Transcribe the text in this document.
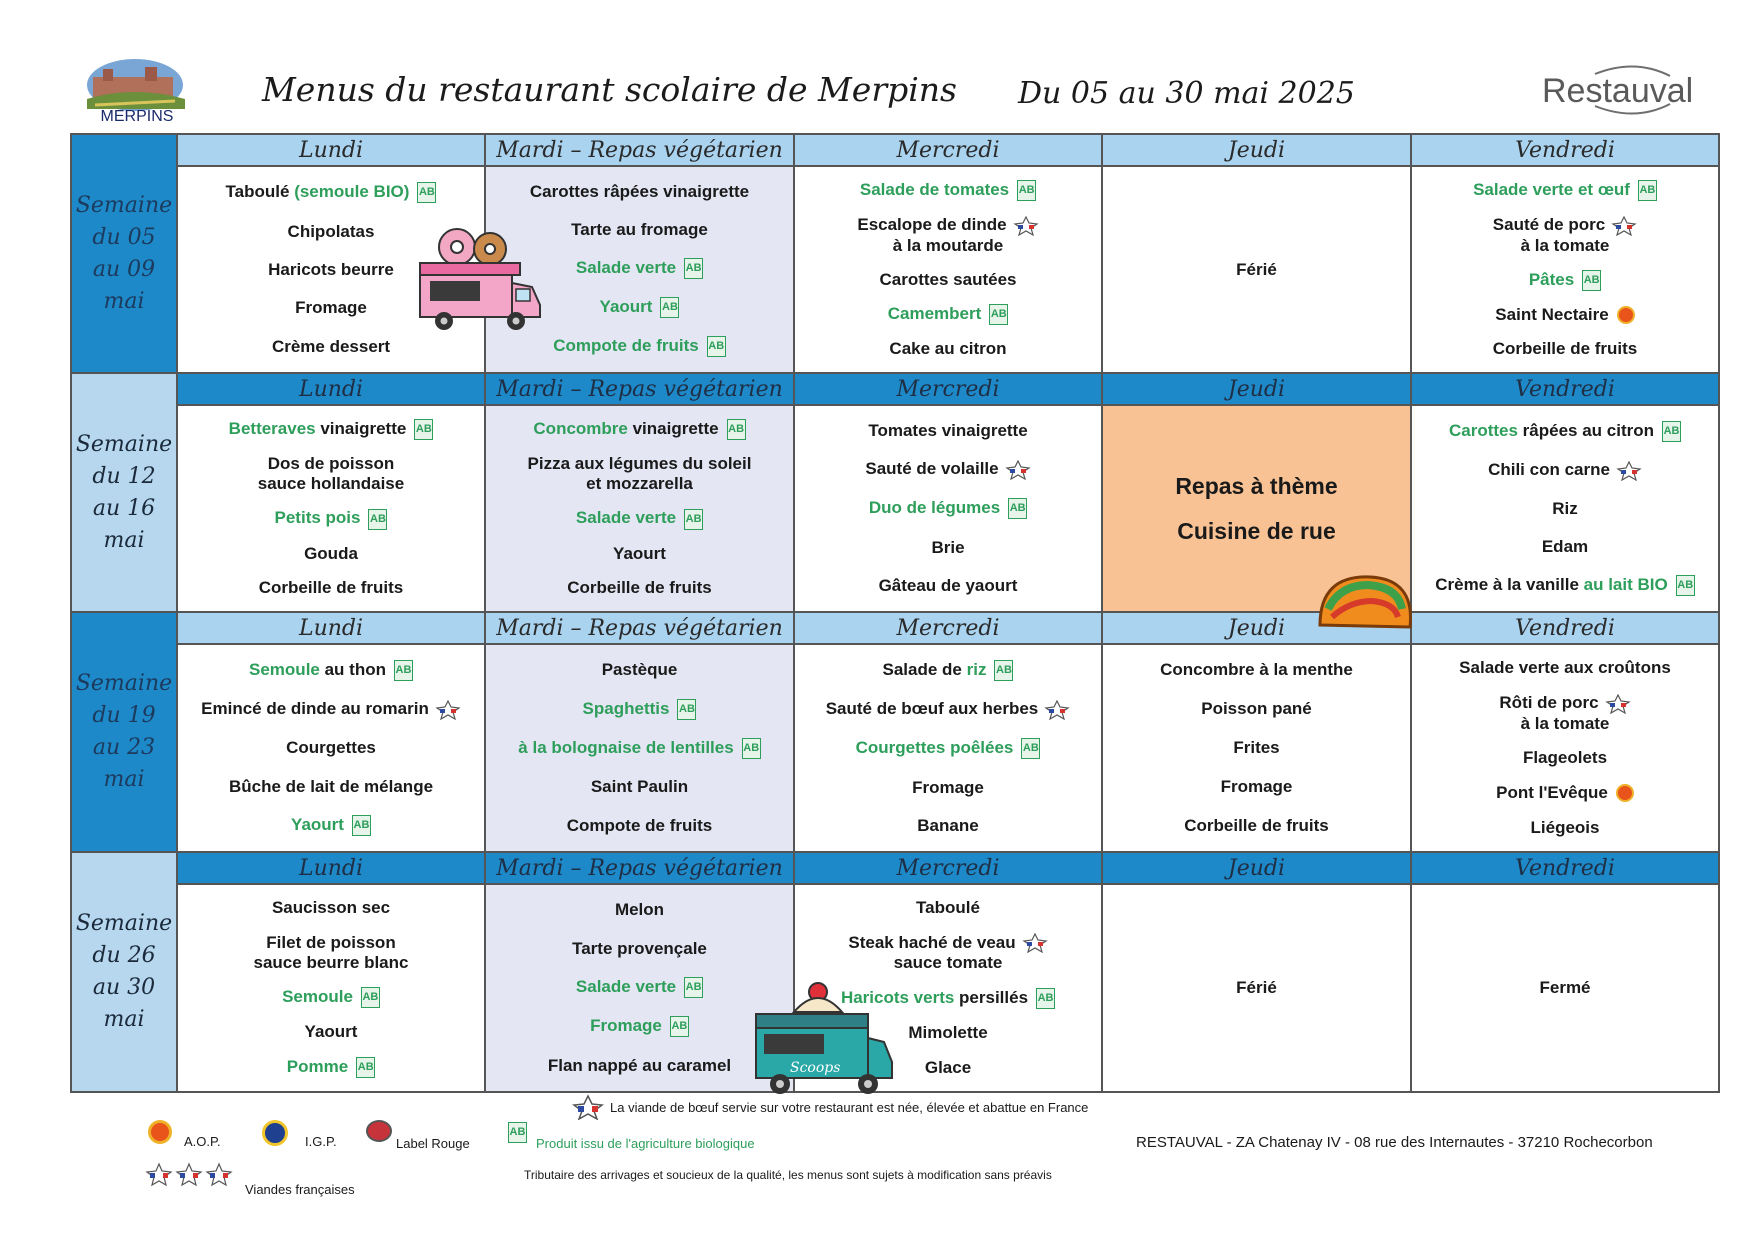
MERPINS
Menus du restaurant scolaire de Merpins Du 05 au 30 mai 2025	Restauval
Semaine
du 05
au 09
mai
Lundi
Taboulé (semoule BIO) AB
Chipolatas
Haricots beurre
Fromage
Crème dessert
Mardi – Repas végétarien
Carottes râpées vinaigrette
Tarte au fromage
Salade verte AB
Yaourt AB
Compote de fruits AB
Mercredi
Salade de tomates AB
Escalope de dinde
à la moutarde
Carottes sautées
Camembert AB
Cake au citron
Jeudi
Férié
Vendredi
Salade verte et œuf AB
Sauté de porc
à la tomate
Pâtes AB
Saint Nectaire
Corbeille de fruits
Semaine
du 12
au 16
mai
Lundi
Betteraves vinaigrette AB
Dos de poisson
sauce hollandaise
Petits pois AB
Gouda
Corbeille de fruits
Mardi – Repas végétarien
Concombre vinaigrette AB
Pizza aux légumes du soleil
et mozzarella
Salade verte AB
Yaourt
Corbeille de fruits
Mercredi
Tomates vinaigrette
Sauté de volaille
Duo de légumes AB
Brie
Gâteau de yaourt
Jeudi
Repas à thème
Cuisine de rue
Vendredi
Carottes râpées au citron AB
Chili con carne
Riz
Edam
Crème à la vanille au lait BIO AB
Semaine
du 19
au 23
mai
Lundi
Semoule au thon AB
Emincé de dinde au romarin
Courgettes
Bûche de lait de mélange
Yaourt AB
Mardi – Repas végétarien
Pastèque
Spaghettis AB
à la bolognaise de lentilles AB
Saint Paulin
Compote de fruits
Mercredi
Salade de riz AB
Sauté de bœuf aux herbes
Courgettes poêlées AB
Fromage
Banane
Jeudi
Concombre à la menthe
Poisson pané
Frites
Fromage
Corbeille de fruits
Vendredi
Salade verte aux croûtons
Rôti de porc
à la tomate
Flageolets
Pont l'Evêque
Liégeois
Semaine
du 26
au 30
mai
Lundi
Saucisson sec
Filet de poisson
sauce beurre blanc
Semoule AB
Yaourt
Pomme AB
Mardi – Repas végétarien
Melon
Tarte provençale
Salade verte AB
Fromage AB
Flan nappé au caramel
Mercredi
Taboulé
Steak haché de veau
sauce tomate
Haricots verts persillés AB
Mimolette
Glace
Jeudi
Férié
Vendredi
Fermé
Scoops
La viande de bœuf servie sur votre restaurant est née, élevée et abattue en France
A.O.P.	I.G.P.	Label Rouge
AB
Produit issu de l'agriculture biologique	RESTAUVAL - ZA Chatenay IV - 08 rue des Internautes - 37210 Rochecorbon
Viandes françaises
Tributaire des arrivages et soucieux de la qualité, les menus sont sujets à modification sans préavis
